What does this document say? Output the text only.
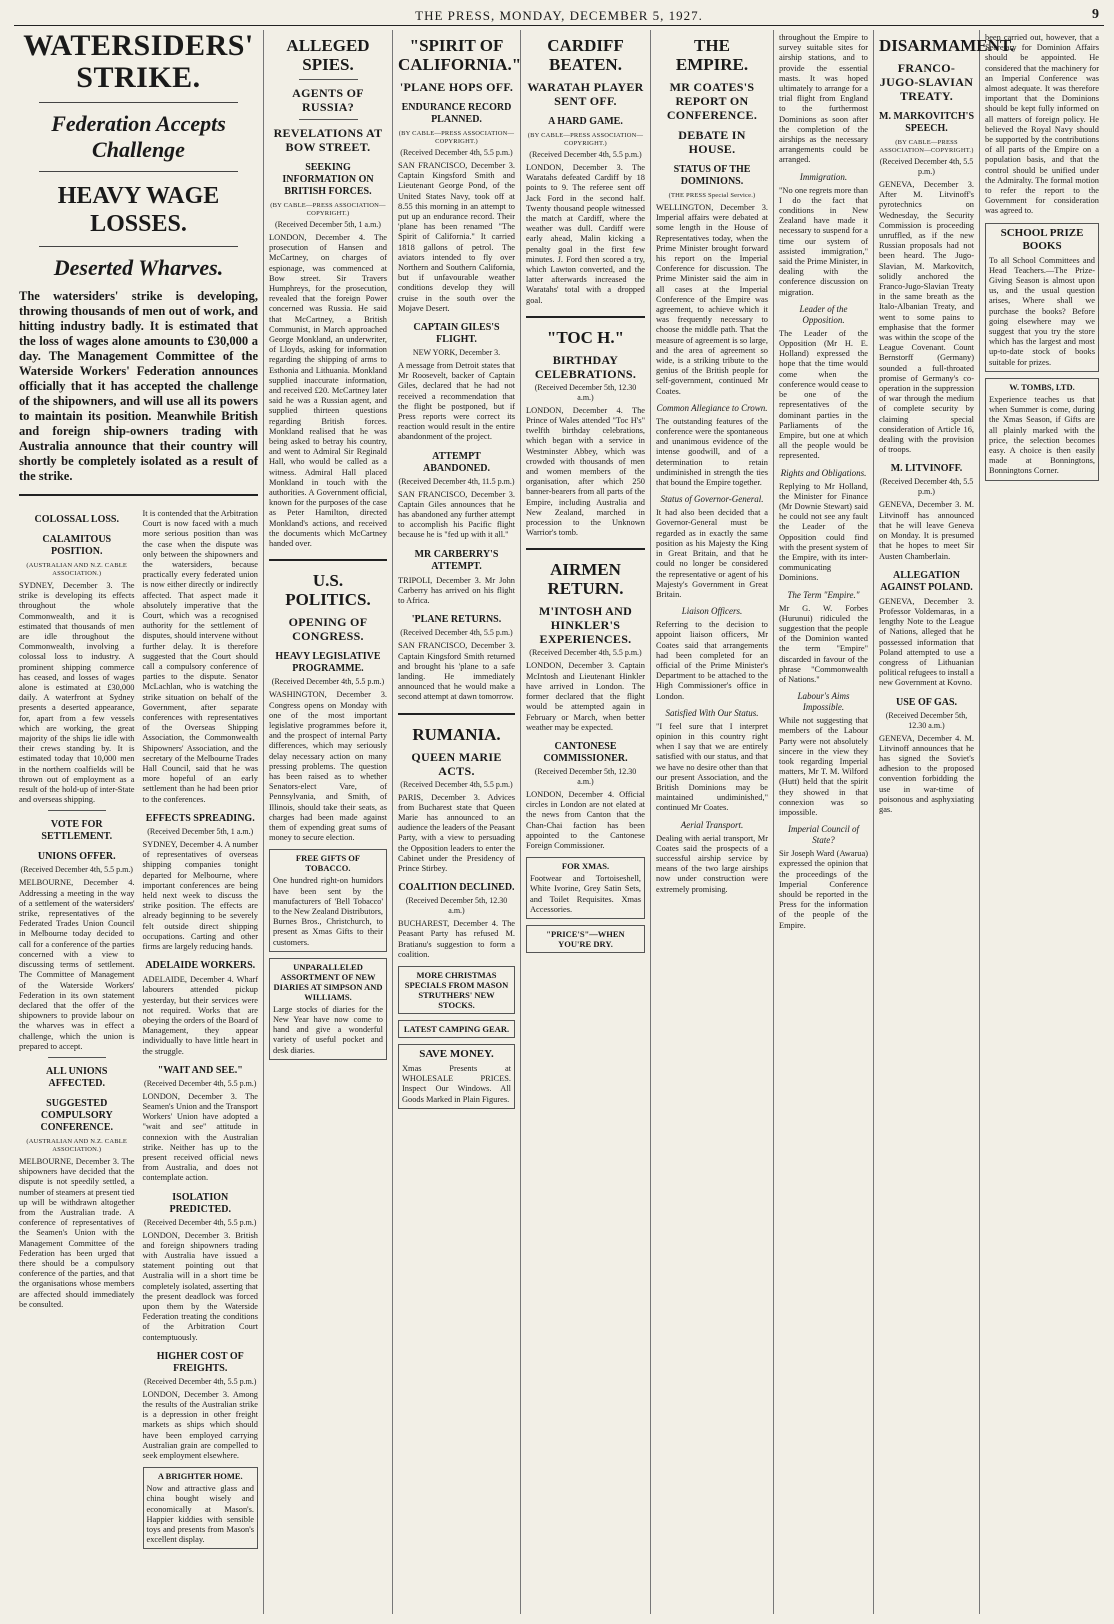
THE PRESS, MONDAY, DECEMBER 5, 1927.	9
WATERSIDERS'
STRIKE.
Federation Accepts Challenge
HEAVY WAGE LOSSES.
Deserted Wharves.
The watersiders' strike is developing, throwing thousands of men out of work, and hitting industry badly. It is estimated that the loss of wages alone amounts to £30,000 a day. The Management Committee of the Waterside Workers' Federation announces officially that it has accepted the challenge of the shipowners, and will use all its powers to maintain its position. Meanwhile British and foreign ship-owners trading with Australia announce that their country will shortly be completely isolated as a result of the strike.
COLOSSAL LOSS.
CALAMITOUS POSITION.
(AUSTRALIAN AND N.Z. CABLE ASSOCIATION.)
SYDNEY, December 3. The strike is developing its effects throughout the whole Commonwealth, and it is estimated that thousands of men are idle throughout the Commonwealth, involving a colossal loss to industry. A prominent shipping commerce has ceased, and losses of wages alone is estimated at £30,000 daily. A waterfront at Sydney presents a deserted appearance, for, apart from a few vessels which are working, the great majority of the ships lie idle with their crews standing by. It is estimated today that 10,000 men in the northern coalfields will be thrown out of employment as a result of the hold-up of inter-State and overseas shipping.
VOTE FOR SETTLEMENT.
UNIONS OFFER.
(Received December 4th, 5.5 p.m.)
MELBOURNE, December 4. Addressing a meeting in the way of a settlement of the watersiders' strike, representatives of the Federated Trades Union Council in Melbourne today decided to call for a conference of the parties concerned with a view to discussing terms of settlement. The Committee of Management of the Waterside Workers' Federation in its own statement declared that the offer of the shipowners to provide labour on the wharves was in effect a challenge, which the union is prepared to accept.
ALL UNIONS AFFECTED.
SUGGESTED COMPULSORY CONFERENCE.
(AUSTRALIAN AND N.Z. CABLE ASSOCIATION.)
MELBOURNE, December 3. The shipowners have decided that the dispute is not speedily settled, a number of steamers at present tied up will be withdrawn altogether from the Australian trade. A conference of representatives of the Seamen's Union with the Management Committee of the Federation has been urged that there should be a compulsory conference of the parties, and that the organisations whose members are affected should immediately be consulted.
It is contended that the Arbitration Court is now faced with a much more serious position than was the case when the dispute was only between the shipowners and the watersiders, because practically every federated union is now either directly or indirectly affected. That aspect made it absolutely imperative that the Court, which was a recognised authority for the settlement of disputes, should intervene without further delay. It is therefore suggested that the Court should call a compulsory conference of parties to the dispute. Senator McLachlan, who is watching the strike situation on behalf of the Government, after separate conferences with representatives of the Overseas Shipping Association, the Commonwealth Shipowners' Association, and the secretary of the Melbourne Trades Hall Council, said that he was more hopeful of an early settlement than he had been prior to the conferences.
EFFECTS SPREADING.
(Received December 5th, 1 a.m.)
SYDNEY, December 4. A number of representatives of overseas shipping companies tonight departed for Melbourne, where important conferences are being held next week to discuss the strike position. The effects are already beginning to be severely felt outside direct shipping occupations. Carting and other firms are largely reducing hands.
ADELAIDE WORKERS.
ADELAIDE, December 4. Wharf labourers attended pickup yesterday, but their services were not required. Works that are obeying the orders of the Board of Management, they appear individually to have little heart in the struggle.
"WAIT AND SEE."
(Received December 4th, 5.5 p.m.)
LONDON, December 3. The Seamen's Union and the Transport Workers' Union have adopted a "wait and see" attitude in connexion with the Australian strike. Neither has up to the present received official news from Australia, and does not contemplate action.
ISOLATION PREDICTED.
(Received December 4th, 5.5 p.m.)
LONDON, December 3. British and foreign shipowners trading with Australia have issued a statement pointing out that Australia will in a short time be completely isolated, asserting that the present deadlock was forced upon them by the Waterside Federation treating the conditions of the Arbitration Court contemptuously.
HIGHER COST OF FREIGHTS.
(Received December 4th, 5.5 p.m.)
LONDON, December 3. Among the results of the Australian strike is a depression in other freight markets as ships which should have been employed carrying Australian grain are compelled to seek employment elsewhere.
A BRIGHTER HOME.
Now and attractive glass and china bought wisely and economically at Mason's. Happier kiddies with sensible toys and presents from Mason's excellent display.
ALLEGED SPIES.
AGENTS OF RUSSIA?
REVELATIONS AT BOW STREET.
SEEKING INFORMATION ON BRITISH FORCES.
(BY CABLE—PRESS ASSOCIATION—COPYRIGHT.)
(Received December 5th, 1 a.m.)
LONDON, December 4. The prosecution of Hansen and McCartney, on charges of espionage, was commenced at Bow street. Sir Travers Humphreys, for the prosecution, revealed that the foreign Power concerned was Russia. He said that McCartney, a British Communist, in March approached George Monkland, an underwriter, of Lloyds, asking for information regarding the shipping of arms to Esthonia and Lithuania. Monkland supplied inaccurate information, and received £20. McCartney later said he was a Russian agent, and supplied thirteen questions regarding British forces. Monkland realised that he was being asked to betray his country, and went to Admiral Sir Reginald Hall, who would be called as a witness. Admiral Hall placed Monkland in touch with the authorities. A Government official, known for the purposes of the case as Peter Hamilton, directed Monkland's actions, and received the documents which McCartney handed over.
U.S. POLITICS.
OPENING OF CONGRESS.
HEAVY LEGISLATIVE PROGRAMME.
(Received December 4th, 5.5 p.m.)
WASHINGTON, December 3. Congress opens on Monday with one of the most important legislative programmes before it, and the prospect of internal Party differences, which may seriously delay necessary action on many pressing problems. The question has been raised as to whether Senators-elect Vare, of Pennsylvania, and Smith, of Illinois, should take their seats, as charges had been made against them of expending great sums of money to secure election.
FREE GIFTS OF TOBACCO.
One hundred right-on humidors have been sent by the manufacturers of 'Bell Tobacco' to the New Zealand Distributors, Burnes Bros., Christchurch, to present as Xmas Gifts to their customers.
UNPARALLELED ASSORTMENT OF NEW DIARIES AT SIMPSON AND WILLIAMS.
Large stocks of diaries for the New Year have now come to hand and give a wonderful variety of useful pocket and desk diaries.
"SPIRIT OF CALIFORNIA."
'PLANE HOPS OFF.
ENDURANCE RECORD PLANNED.
(BY CABLE—PRESS ASSOCIATION—COPYRIGHT.)
(Received December 4th, 5.5 p.m.)
SAN FRANCISCO, December 3. Captain Kingsford Smith and Lieutenant George Pond, of the United States Navy, took off at 8.55 this morning in an attempt to put up an endurance record. Their 'plane has been renamed "The Spirit of California." It carried 1818 gallons of petrol. The aviators intended to fly over Northern and Southern California, but if unfavourable weather conditions develop they will cruise in the south over the Mojave Desert.
CAPTAIN GILES'S FLIGHT.
NEW YORK, December 3.
A message from Detroit states that Mr Roosevelt, backer of Captain Giles, declared that he had not received a recommendation that the flight be postponed, but if Press reports were correct its reaction would result in the entire abandonment of the project.
ATTEMPT ABANDONED.
(Received December 4th, 11.5 p.m.)
SAN FRANCISCO, December 3. Captain Giles announces that he has abandoned any further attempt to accomplish his Pacific flight because he is "fed up with it all."
MR CARBERRY'S ATTEMPT.
TRIPOLI, December 3. Mr John Carberry has arrived on his flight to Africa.
'PLANE RETURNS.
(Received December 4th, 5.5 p.m.)
SAN FRANCISCO, December 3. Captain Kingsford Smith returned and brought his 'plane to a safe landing. He immediately announced that he would make a second attempt at dawn tomorrow.
RUMANIA.
QUEEN MARIE ACTS.
(Received December 4th, 5.5 p.m.)
PARIS, December 3. Advices from Bucharest state that Queen Marie has announced to an audience the leaders of the Peasant Party, with a view to persuading the Opposition leaders to enter the Cabinet under the Presidency of Prince Stirbey.
COALITION DECLINED.
(Received December 5th, 12.30 a.m.)
BUCHAREST, December 4. The Peasant Party has refused M. Bratianu's suggestion to form a coalition.
MORE CHRISTMAS SPECIALS FROM MASON STRUTHERS' NEW STOCKS.
LATEST CAMPING GEAR.
SAVE MONEY.
Xmas Presents at WHOLESALE PRICES. Inspect Our Windows. All Goods Marked in Plain Figures.
CARDIFF BEATEN.
WARATAH PLAYER SENT OFF.
A HARD GAME.
(BY CABLE—PRESS ASSOCIATION—COPYRIGHT.)
(Received December 4th, 5.5 p.m.)
LONDON, December 3. The Waratahs defeated Cardiff by 18 points to 9. The referee sent off Jack Ford in the second half. Twenty thousand people witnessed the match at Cardiff, where the weather was dull. Cardiff were early ahead, Malin kicking a penalty goal in the first few minutes. J. Ford then scored a try, which Lawton converted, and the latter afterwards increased the Waratahs' total with a dropped goal.
"TOC H."
BIRTHDAY CELEBRATIONS.
(Received December 5th, 12.30 a.m.)
LONDON, December 4. The Prince of Wales attended "Toc H's" twelfth birthday celebrations, which began with a service in Westminster Abbey, which was crowded with thousands of men and women members of the organisation, after which 250 banner-bearers from all parts of the Empire, including Australia and New Zealand, marched in procession to the Unknown Warrior's tomb.
AIRMEN RETURN.
M'INTOSH AND HINKLER'S EXPERIENCES.
(Received December 4th, 5.5 p.m.)
LONDON, December 3. Captain McIntosh and Lieutenant Hinkler have arrived in London. The former declared that the flight would be attempted again in February or March, when better weather may be expected.
CANTONESE COMMISSIONER.
(Received December 5th, 12.30 a.m.)
LONDON, December 4. Official circles in London are not elated at the news from Canton that the Chan-Chai faction has been appointed to the Cantonese Foreign Commissioner.
FOR XMAS.
Footwear and Tortoiseshell, White Ivorine, Grey Satin Sets, and Toilet Requisites. Xmas Accessories.
"PRICE'S"—WHEN YOU'RE DRY.
THE EMPIRE.
MR COATES'S REPORT ON CONFERENCE.
DEBATE IN HOUSE.
STATUS OF THE DOMINIONS.
(THE PRESS Special Service.)
WELLINGTON, December 3. Imperial affairs were debated at some length in the House of Representatives today, when the Prime Minister brought forward his report on the Imperial Conference for discussion. The Prime Minister said the aim in all cases at the Imperial Conference of the Empire was agreement, to achieve which it was frequently necessary to choose the middle path. That the measure of agreement is so large, and the area of agreement so wide, is a striking tribute to the genius of the British people for self-government, continued Mr Coates.
Common Allegiance to Crown.
The outstanding features of the conference were the spontaneous and unanimous evidence of the intense goodwill, and of a determination to retain undiminished in strength the ties that bound the Empire together.
Status of Governor-General.
It had also been decided that a Governor-General must be regarded as in exactly the same position as his Majesty the King in Great Britain, and that he could no longer be considered the representative or agent of his Majesty's Government in Great Britain.
Liaison Officers.
Referring to the decision to appoint liaison officers, Mr Coates said that arrangements had been completed for an official of the Prime Minister's Department to be attached to the High Commissioner's office in London.
Satisfied With Our Status.
"I feel sure that I interpret opinion in this country right when I say that we are entirely satisfied with our status, and that we have no desire other than that our present Association, and the British Dominions may be maintained undiminished," continued Mr Coates.
Aerial Transport.
Dealing with aerial transport, Mr Coates said the prospects of a successful airship service by means of the two large airships now under construction were extremely promising.
throughout the Empire to survey suitable sites for airship stations, and to provide the essential masts. It was hoped ultimately to arrange for a trial flight from England to the furthermost Dominions as soon after the completion of the airships as the necessary arrangements could be arranged.
Immigration.
"No one regrets more than I do the fact that conditions in New Zealand have made it necessary to suspend for a time our system of assisted immigration," said the Prime Minister, in dealing with the conference discussion on migration.
Leader of the Opposition.
The Leader of the Opposition (Mr H. E. Holland) expressed the hope that the time would come when the conference would cease to be one of the representatives of the dominant parties in the Parliaments of the Empire, but one at which all the people would be represented.
Rights and Obligations.
Replying to Mr Holland, the Minister for Finance (Mr Downie Stewart) said he could not see any fault the Leader of the Opposition could find with the present system of the Empire, with its inter-communicating Dominions.
The Term "Empire."
Mr G. W. Forbes (Hurunui) ridiculed the suggestion that the people of the Dominion wanted the term "Empire" discarded in favour of the phrase "Commonwealth of Nations."
Labour's Aims Impossible.
While not suggesting that members of the Labour Party were not absolutely sincere in the view they took regarding Imperial matters, Mr T. M. Wilford (Hutt) held that the spirit they showed in that connexion was so impossible.
Imperial Council of State?
Sir Joseph Ward (Awarua) expressed the opinion that the proceedings of the Imperial Conference should be reported in the Press for the information of the people of the Empire.
DISARMAMENT.
FRANCO-JUGO-SLAVIAN TREATY.
M. MARKOVITCH'S SPEECH.
(BY CABLE—PRESS ASSOCIATION—COPYRIGHT.)
(Received December 4th, 5.5 p.m.)
GENEVA, December 3. After M. Litvinoff's pyrotechnics on Wednesday, the Security Commission is proceeding unruffled, as if the new Russian proposals had not been heard. The Jugo-Slavian, M. Markovitch, solidly anchored the Franco-Jugo-Slavian Treaty in the same breath as the Italo-Albanian Treaty, and went to some pains to emphasise that the former was within the scope of the League Covenant. Count Bernstorff (Germany) sounded a full-throated promise of Germany's co-operation in the suppression of war through the medium of complete security by claiming special consideration of Article 16, dealing with the provision of troops.
M. LITVINOFF.
(Received December 4th, 5.5 p.m.)
GENEVA, December 3. M. Litvinoff has announced that he will leave Geneva on Monday. It is presumed that he hopes to meet Sir Austen Chamberlain.
ALLEGATION AGAINST POLAND.
GENEVA, December 3. Professor Voldemaras, in a lengthy Note to the League of Nations, alleged that he possessed information that Poland attempted to use a congress of Lithuanian political refugees to install a new Government at Kovno.
USE OF GAS.
(Received December 5th, 12.30 a.m.)
GENEVA, December 4. M. Litvinoff announces that he has signed the Soviet's adhesion to the proposed convention forbidding the use in war-time of poisonous and asphyxiating gas.
been carried out, however, that a Secretary for Dominion Affairs should be appointed. He considered that the machinery for an Imperial Conference was almost adequate. It was therefore important that the Dominions should be kept fully informed on all matters of foreign policy. He believed the Royal Navy should be supported by the contributions of all parts of the Empire on a population basis, and that the control should be unified under the Admiralty. The formal motion to refer the report to the Government for consideration was agreed to.
SCHOOL PRIZE BOOKS
To all School Committees and Head Teachers.—The Prize-Giving Season is almost upon us, and the usual question arises, Where shall we purchase the books? Before going elsewhere may we suggest that you try the store which has the largest and most up-to-date stock of books suitable for prizes.
W. TOMBS, LTD.
Experience teaches us that when Summer is come, during the Xmas Season, if Gifts are all plainly marked with the price, the selection becomes easy. A choice is then easily made at Bonningtons, Bonningtons Corner.
